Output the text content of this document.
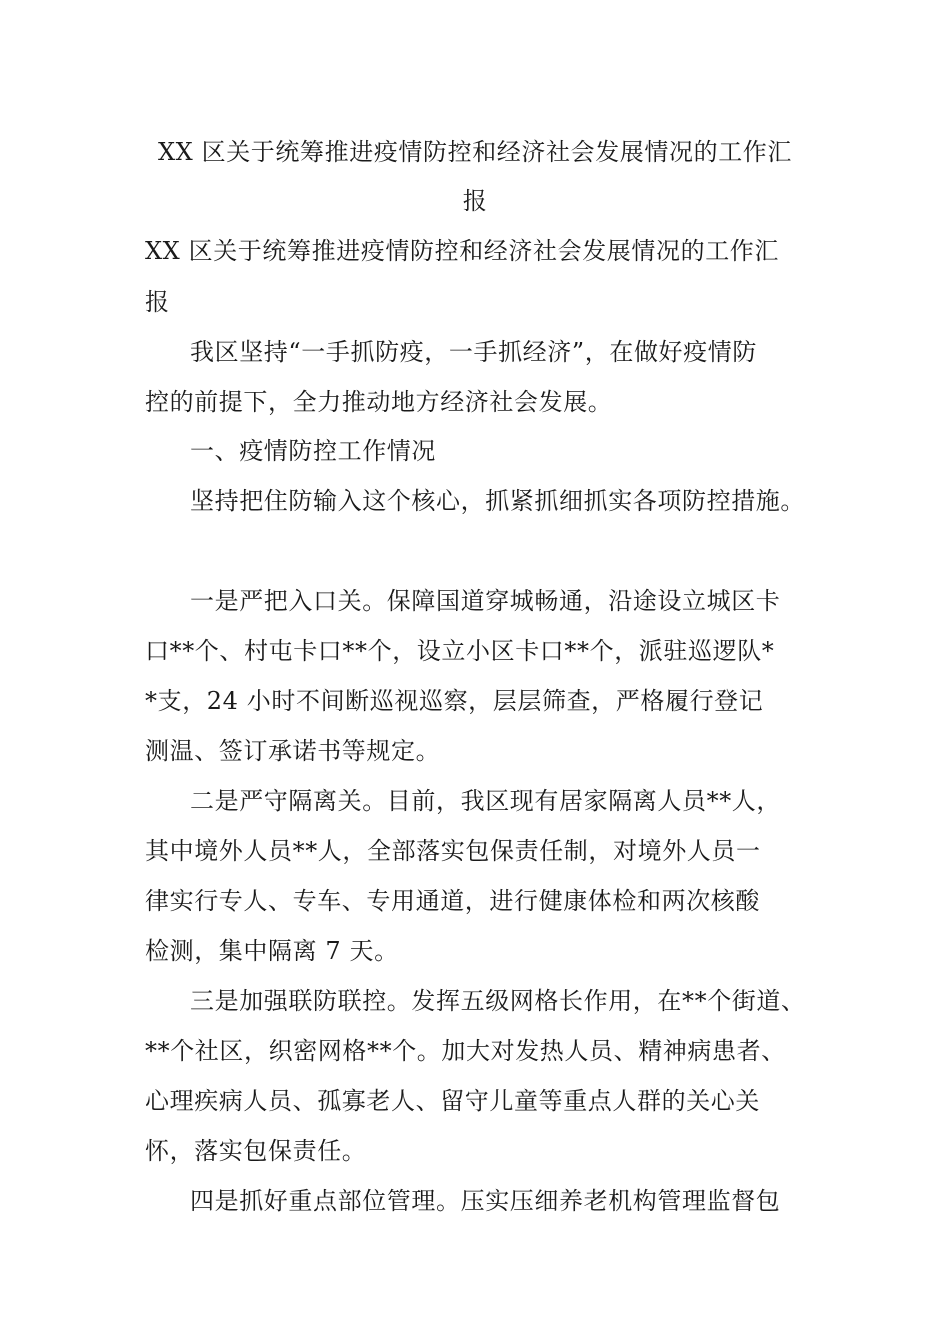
XX 区关于统筹推进疫情防控和经济社会发展情况的工作汇
报
XX 区关于统筹推进疫情防控和经济社会发展情况的工作汇
报
我区坚持“一手抓防疫，一手抓经济”，在做好疫情防
控的前提下，全力推动地方经济社会发展。
一、疫情防控工作情况
坚持把住防输入这个核心，抓紧抓细抓实各项防控措施。
一是严把入口关。保障国道穿城畅通，沿途设立城区卡
口**个、村屯卡口**个，设立小区卡口**个，派驻巡逻队*
*支，24 小时不间断巡视巡察，层层筛查，严格履行登记
测温、签订承诺书等规定。
二是严守隔离关。目前，我区现有居家隔离人员**人，
其中境外人员**人，全部落实包保责任制，对境外人员一
律实行专人、专车、专用通道，进行健康体检和两次核酸
检测，集中隔离 7 天。
三是加强联防联控。发挥五级网格长作用，在**个街道、
**个社区，织密网格**个。加大对发热人员、精神病患者、
心理疾病人员、孤寡老人、留守儿童等重点人群的关心关
怀，落实包保责任。
四是抓好重点部位管理。压实压细养老机构管理监督包
